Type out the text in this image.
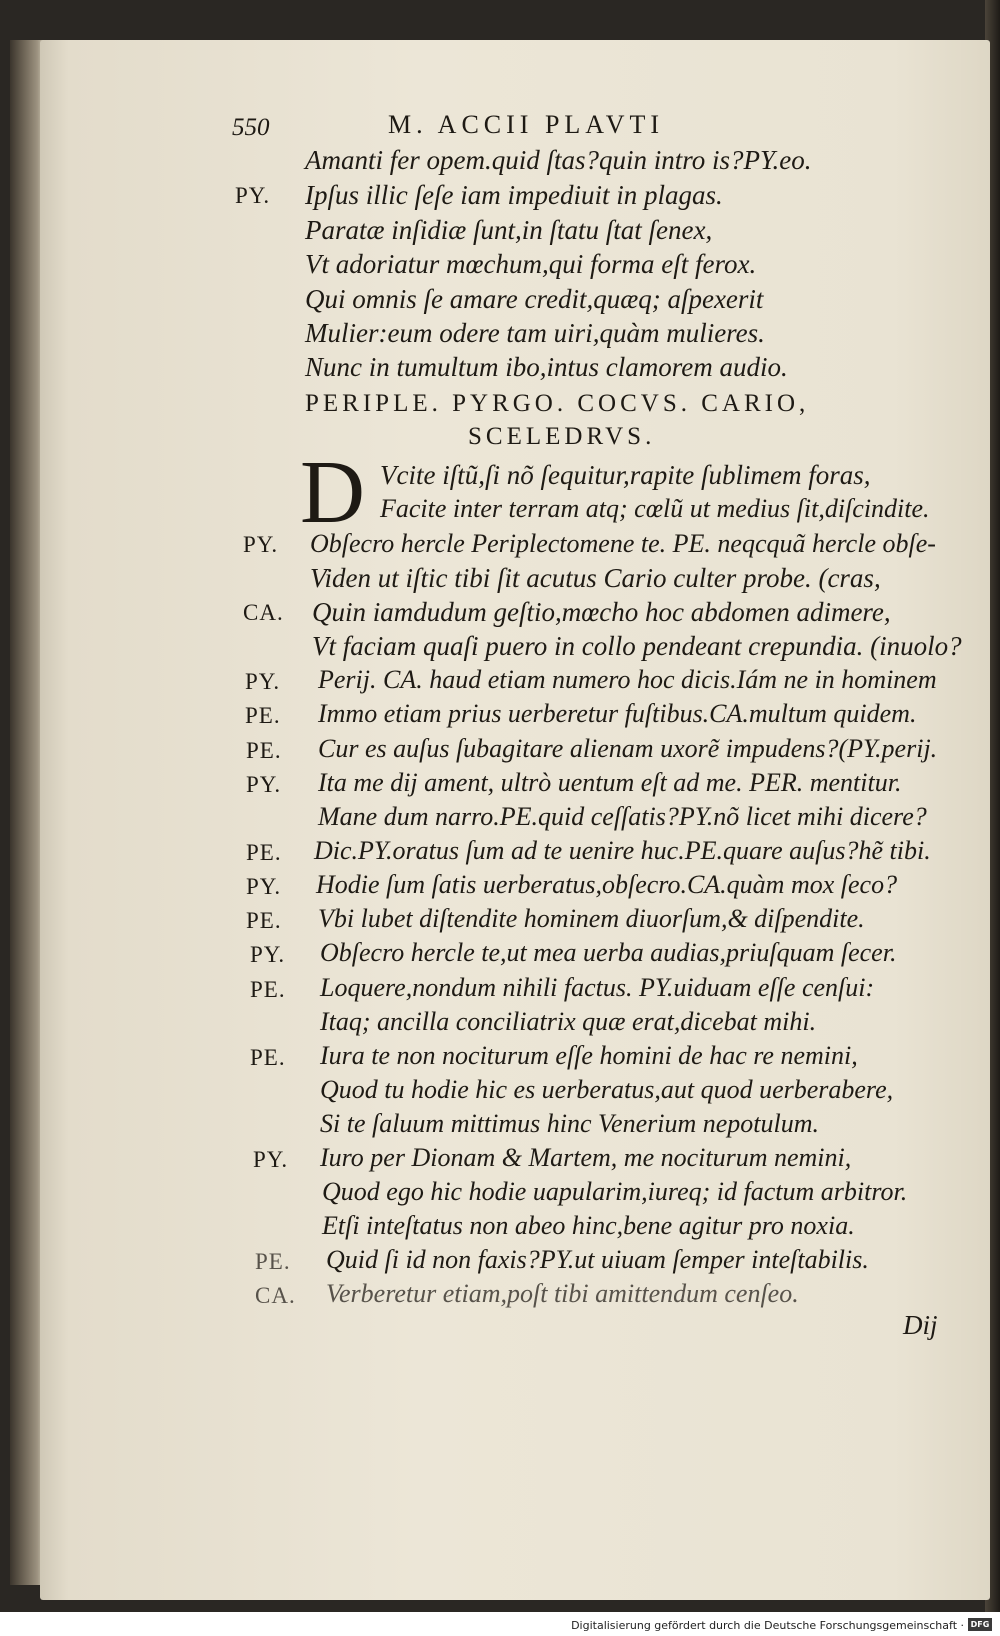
550	M. ACCII PLAVTI
Amanti fer opem.quid ſtas?quin intro is?PY.eo.
PY. Ipſus illic ſeſe iam impediuit in plagas.
Paratæ inſidiæ ſunt,in ſtatu ſtat ſenex,
Vt adoriatur mœchum,qui forma eſt ferox.
Qui omnis ſe amare credit,quæq; aſpexerit
Mulier:eum odere tam uiri,quàm mulieres.
Nunc in tumultum ibo,intus clamorem audio.
PERIPLE. PYRGO. COCVS. CARIO,
SCELEDRVS.
D Vcite iſtũ,ſi nõ ſequitur,rapite ſublimem foras,
Facite inter terram atq; cœlũ ut medius ſit,diſcindite.
PY. Obſecro hercle Periplectomene te. PE. neqcquã hercle obſe-
Viden ut iſtic tibi ſit acutus Cario culter probe. (cras,
CA. Quin iamdudum geſtio,mœcho hoc abdomen adimere,
Vt faciam quaſi puero in collo pendeant crepundia. (inuolo?
PY. Perij. CA. haud etiam numero hoc dicis.Iám ne in hominem
PE. Immo etiam prius uerberetur fuſtibus.CA.multum quidem.
PE. Cur es auſus ſubagitare alienam uxorẽ impudens?(PY.perij.
PY. Ita me dij ament, ultrò uentum eſt ad me. PER. mentitur.
Mane dum narro.PE.quid ceſſatis?PY.nõ licet mihi dicere?
PE. Dic.PY.oratus ſum ad te uenire huc.PE.quare auſus?hẽ tibi.
PY. Hodie ſum ſatis uerberatus,obſecro.CA.quàm mox ſeco?
PE. Vbi lubet diſtendite hominem diuorſum,& diſpendite.
PY. Obſecro hercle te,ut mea uerba audias,priuſquam ſecer.
PE. Loquere,nondum nihili factus. PY.uiduam eſſe cenſui:
Itaq; ancilla conciliatrix quæ erat,dicebat mihi.
PE. Iura te non nociturum eſſe homini de hac re nemini,
Quod tu hodie hic es uerberatus,aut quod uerberabere,
Si te ſaluum mittimus hinc Venerium nepotulum.
PY. Iuro per Dionam & Martem, me nociturum nemini,
Quod ego hic hodie uapularim,iureq; id factum arbitror.
Etſi inteſtatus non abeo hinc,bene agitur pro noxia.
PE. Quid ſi id non faxis?PY.ut uiuam ſemper inteſtabilis.
CA. Verberetur etiam,poſt tibi amittendum cenſeo.
Dij
Digitalisierung gefördert durch die Deutsche Forschungsgemeinschaft · DFG
